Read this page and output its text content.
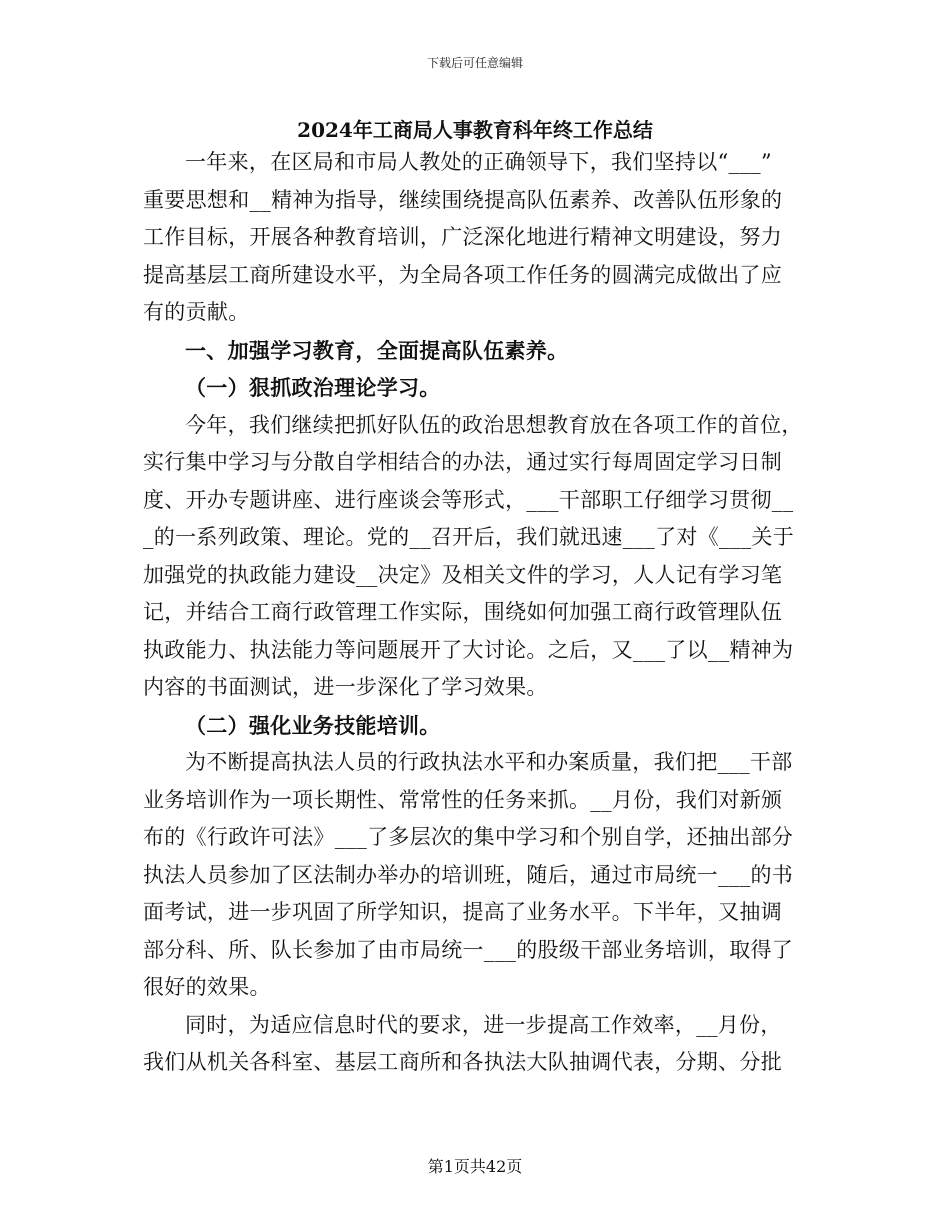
下载后可任意编辑
2024年工商局人事教育科年终工作总结
一年来，在区局和市局人教处的正确领导下，我们坚持以“___”
重要思想和__精神为指导，继续围绕提高队伍素养、改善队伍形象的
工作目标，开展各种教育培训，广泛深化地进行精神文明建设，努力
提高基层工商所建设水平，为全局各项工作任务的圆满完成做出了应
有的贡献。
一、加强学习教育，全面提高队伍素养。
（一）狠抓政治理论学习。
今年，我们继续把抓好队伍的政治思想教育放在各项工作的首位，
实行集中学习与分散自学相结合的办法，通过实行每周固定学习日制
度、开办专题讲座、进行座谈会等形式，___干部职工仔细学习贯彻__
_的一系列政策、理论。党的__召开后，我们就迅速___了对《___关于
加强党的执政能力建设__决定》及相关文件的学习，人人记有学习笔
记，并结合工商行政管理工作实际，围绕如何加强工商行政管理队伍
执政能力、执法能力等问题展开了大讨论。之后，又___了以__精神为
内容的书面测试，进一步深化了学习效果。
（二）强化业务技能培训。
为不断提高执法人员的行政执法水平和办案质量，我们把___干部
业务培训作为一项长期性、常常性的任务来抓。__月份，我们对新颁
布的《行政许可法》___了多层次的集中学习和个别自学，还抽出部分
执法人员参加了区法制办举办的培训班，随后，通过市局统一___的书
面考试，进一步巩固了所学知识，提高了业务水平。下半年，又抽调
部分科、所、队长参加了由市局统一___的股级干部业务培训，取得了
很好的效果。
同时，为适应信息时代的要求，进一步提高工作效率，__月份，
我们从机关各科室、基层工商所和各执法大队抽调代表，分期、分批
第1页共42页
